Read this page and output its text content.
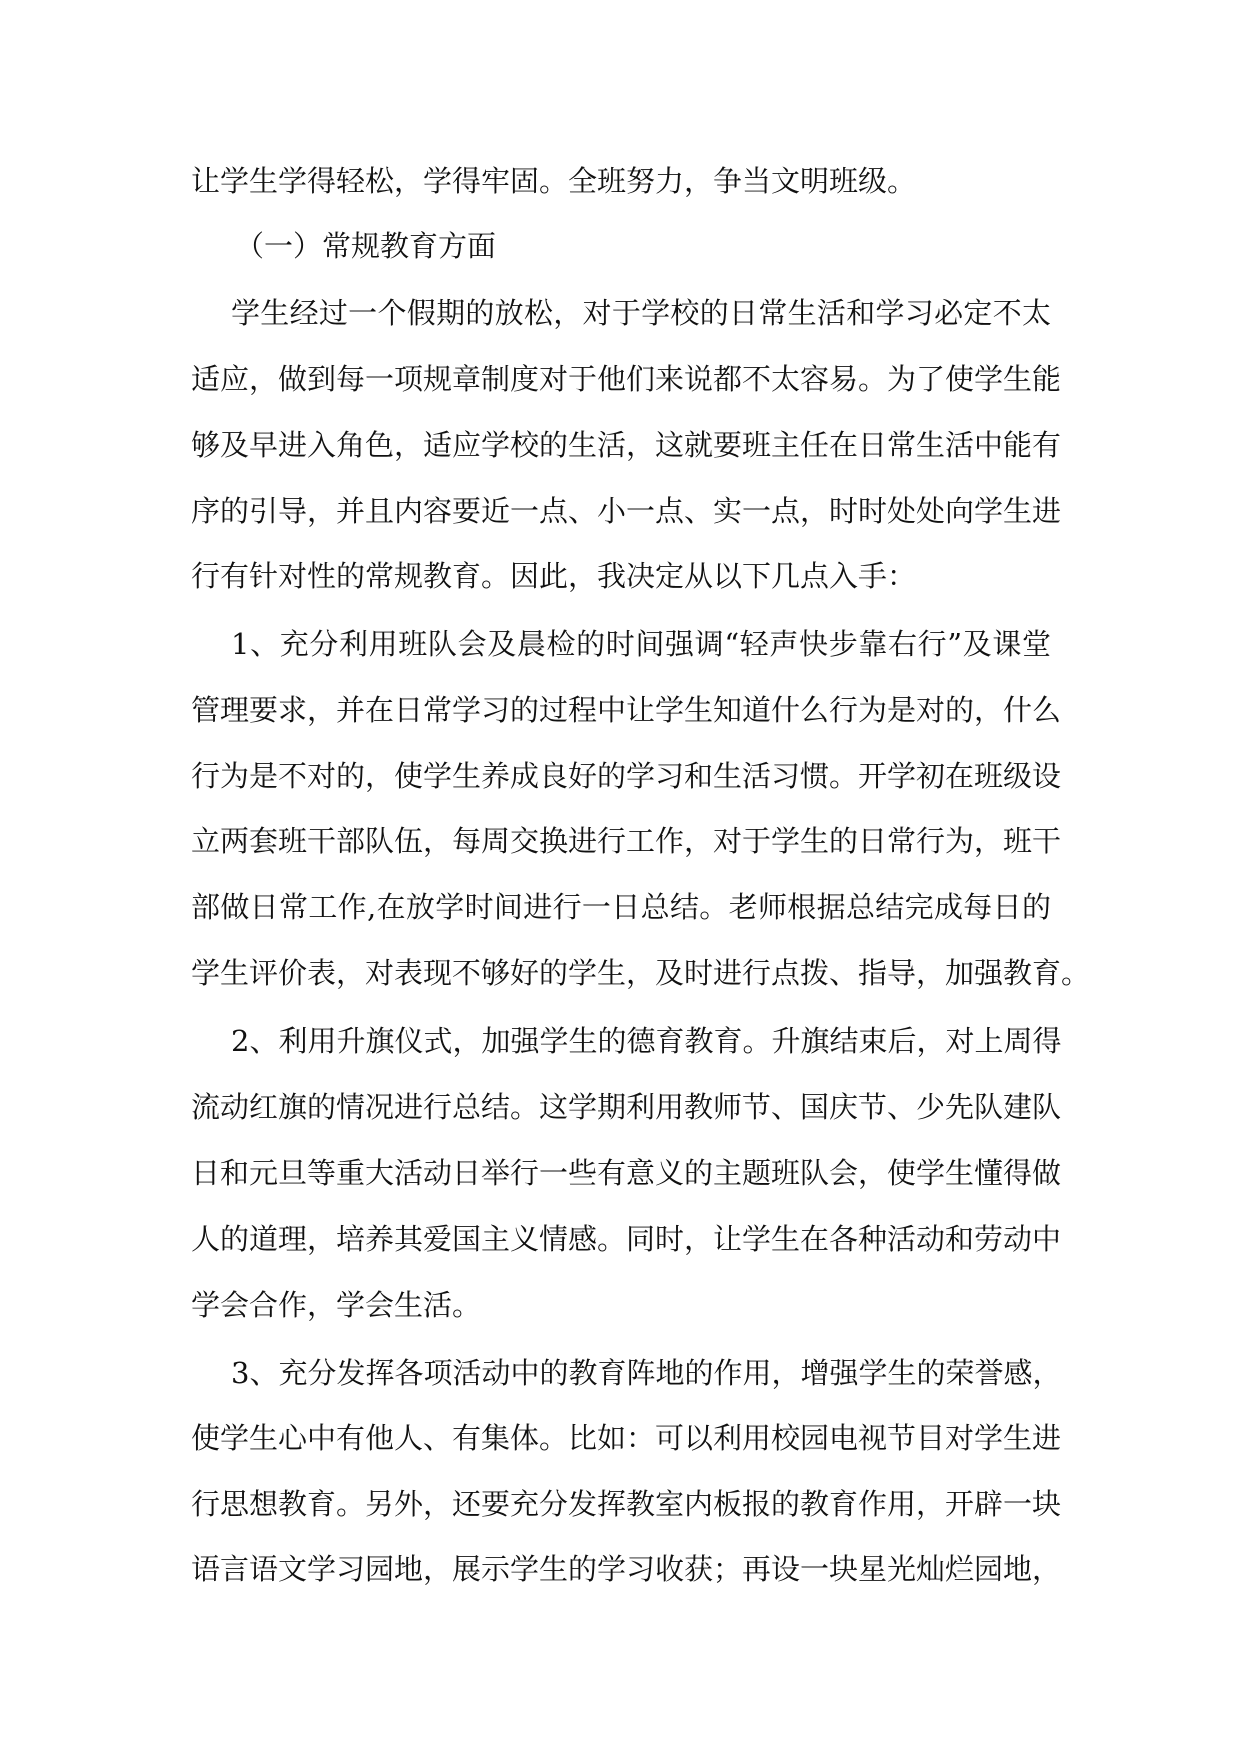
让学生学得轻松，学得牢固。全班努力，争当文明班级。
（一）常规教育方面
学生经过一个假期的放松，对于学校的日常生活和学习必定不太
适应，做到每一项规章制度对于他们来说都不太容易。为了使学生能
够及早进入角色，适应学校的生活，这就要班主任在日常生活中能有
序的引导，并且内容要近一点、小一点、实一点，时时处处向学生进
行有针对性的常规教育。因此，我决定从以下几点入手：
1、充分利用班队会及晨检的时间强调“轻声快步靠右行”及课堂
管理要求，并在日常学习的过程中让学生知道什么行为是对的，什么
行为是不对的，使学生养成良好的学习和生活习惯。开学初在班级设
立两套班干部队伍，每周交换进行工作，对于学生的日常行为，班干
部做日常工作,在放学时间进行一日总结。老师根据总结完成每日的
学生评价表，对表现不够好的学生，及时进行点拨、指导，加强教育。
2、利用升旗仪式，加强学生的德育教育。升旗结束后，对上周得
流动红旗的情况进行总结。这学期利用教师节、国庆节、少先队建队
日和元旦等重大活动日举行一些有意义的主题班队会，使学生懂得做
人的道理，培养其爱国主义情感。同时，让学生在各种活动和劳动中
学会合作，学会生活。
3、充分发挥各项活动中的教育阵地的作用，增强学生的荣誉感，
使学生心中有他人、有集体。比如：可以利用校园电视节目对学生进
行思想教育。另外，还要充分发挥教室内板报的教育作用，开辟一块
语言语文学习园地，展示学生的学习收获；再设一块星光灿烂园地，
